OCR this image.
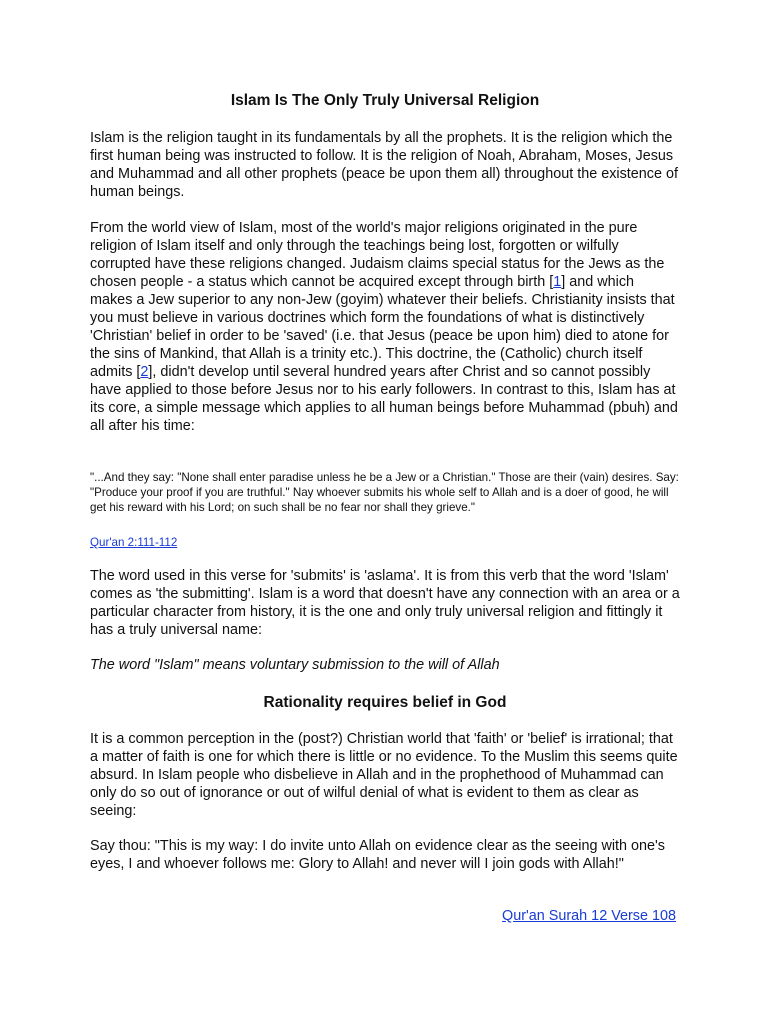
Islam Is The Only Truly Universal Religion

Islam is the religion taught in its fundamentals by all the prophets. It is the religion which the first human being was instructed to follow. It is the religion of Noah, Abraham, Moses, Jesus and Muhammad and all other prophets (peace be upon them all) throughout the existence of human beings.

From the world view of Islam, most of the world's major religions originated in the pure religion of Islam itself and only through the teachings being lost, forgotten or wilfully corrupted have these religions changed. Judaism claims special status for the Jews as the chosen people - a status which cannot be acquired except through birth [1] and which makes a Jew superior to any non-Jew (goyim) whatever their beliefs. Christianity insists that you must believe in various doctrines which form the foundations of what is distinctively 'Christian' belief in order to be 'saved' (i.e. that Jesus (peace be upon him) died to atone for the sins of Mankind, that Allah is a trinity etc.). This doctrine, the (Catholic) church itself admits [2], didn't develop until several hundred years after Christ and so cannot possibly have applied to those before Jesus nor to his early followers. In contrast to this, Islam has at its core, a simple message which applies to all human beings before Muhammad (pbuh) and all after his time:

"...And they say: "None shall enter paradise unless he be a Jew or a Christian." Those are their (vain) desires. Say: "Produce your proof if you are truthful." Nay whoever submits his whole self to Allah and is a doer of good, he will get his reward with his Lord; on such shall be no fear nor shall they grieve."

Qur'an 2:111-112

The word used in this verse for 'submits' is 'aslama'. It is from this verb that the word 'Islam' comes as 'the submitting'. Islam is a word that doesn't have any connection with an area or a particular character from history, it is the one and only truly universal religion and fittingly it has a truly universal name:

The word "Islam" means voluntary submission to the will of Allah

Rationality requires belief in God

It is a common perception in the (post?) Christian world that 'faith' or 'belief' is irrational; that a matter of faith is one for which there is little or no evidence. To the Muslim this seems quite absurd. In Islam people who disbelieve in Allah and in the prophethood of Muhammad can only do so out of ignorance or out of wilful denial of what is evident to them as clear as seeing:

Say thou: "This is my way: I do invite unto Allah on evidence clear as the seeing with one's eyes, I and whoever follows me: Glory to Allah! and never will I join gods with Allah!"

Qur'an Surah 12 Verse 108
